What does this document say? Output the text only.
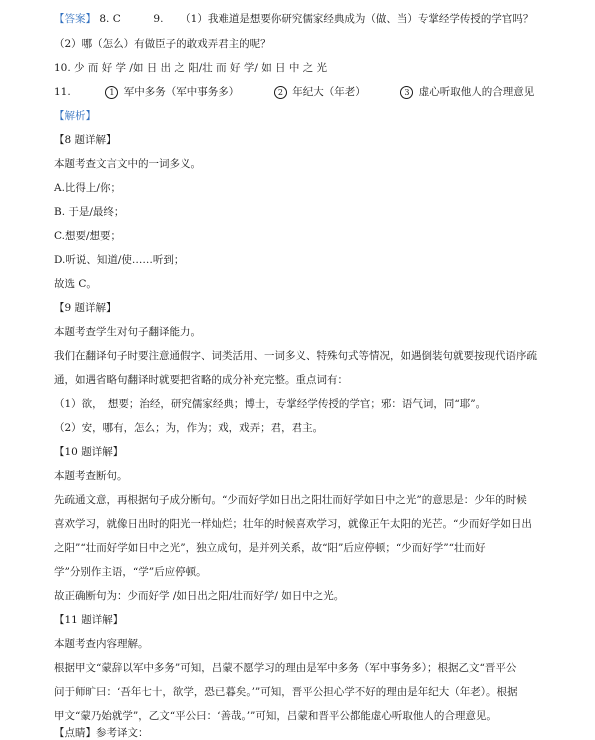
【答案】 8. C	9. （1）我难道是想要你研究儒家经典成为（做、当）专掌经学传授的学官吗？
（2）哪（怎么）有做臣子的敢戏弄君主的呢？
10. 少 而 好 学 /如 日 出 之 阳/壮 而 好 学/ 如 日 中 之 光
11.	1 军中多务（军中事务多）	2 年纪大（年老）	3 虚心听取他人的合理意见
【解析】
【8 题详解】
本题考查文言文中的一词多义。
A.比得上/你；
B. 于是/最终；
C.想要/想要；
D.听说、知道/使……听到；
故选 C。
【9 题详解】
本题考查学生对句子翻译能力。
我们在翻译句子时要注意通假字、词类活用、一词多义、特殊句式等情况，如遇倒装句就要按现代语序疏
通，如遇省略句翻译时就要把省略的成分补充完整。重点词有：
（1）欲，　想要；治经，研究儒家经典；博士，专掌经学传授的学官；邪：语气词，同“耶”。
（2）安，哪有，怎么；为，作为；戏，戏弄；君，君主。
【10 题详解】
本题考查断句。
先疏通文意，再根据句子成分断句。“少而好学如日出之阳壮而好学如日中之光”的意思是：少年的时候
喜欢学习，就像日出时的阳光一样灿烂；壮年的时候喜欢学习，就像正午太阳的光芒。“少而好学如日出
之阳”“壮而好学如日中之光”，独立成句，是并列关系，故“阳”后应停顿；“少而好学”“壮而好
学”分别作主语，“学”后应停顿。
故正确断句为：少而好学 /如日出之阳/壮而好学/ 如日中之光。
【11 题详解】
本题考查内容理解。
根据甲文“蒙辞以军中多务”可知，吕蒙不愿学习的理由是军中多务（军中事务多）；根据乙文“晋平公
问于师旷曰：‘吾年七十，欲学，恐已暮矣。’”可知，晋平公担心学不好的理由是年纪大（年老）。根据
甲文“蒙乃始就学”，乙文“平公曰：‘善哉。’”可知，吕蒙和晋平公都能虚心听取他人的合理意见。
【点睛】参考译文：
